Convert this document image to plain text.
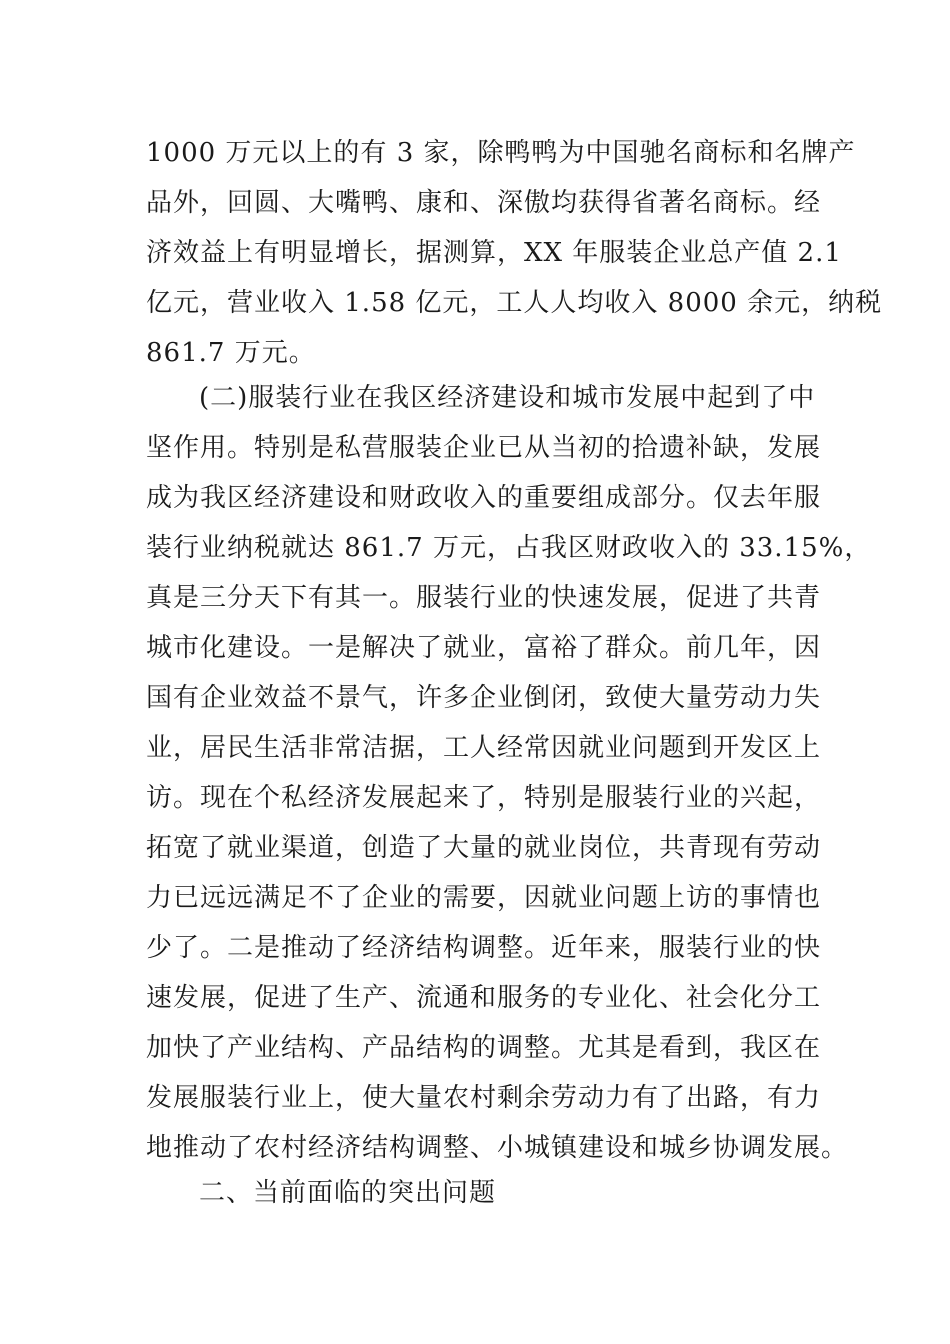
1000 万元以上的有 3 家，除鸭鸭为中国驰名商标和名牌产
品外，回圆、大嘴鸭、康和、深傲均获得省著名商标。经
济效益上有明显增长，据测算，XX 年服装企业总产值 2.1
亿元，营业收入 1.58 亿元，工人人均收入 8000 余元，纳税
861.7 万元。
(二)服装行业在我区经济建设和城市发展中起到了中
坚作用。特别是私营服装企业已从当初的拾遗补缺，发展
成为我区经济建设和财政收入的重要组成部分。仅去年服
装行业纳税就达 861.7 万元，占我区财政收入的 33.15%，
真是三分天下有其一。服装行业的快速发展，促进了共青
城市化建设。一是解决了就业，富裕了群众。前几年，因
国有企业效益不景气，许多企业倒闭，致使大量劳动力失
业，居民生活非常洁据，工人经常因就业问题到开发区上
访。现在个私经济发展起来了，特别是服装行业的兴起，
拓宽了就业渠道，创造了大量的就业岗位，共青现有劳动
力已远远满足不了企业的需要，因就业问题上访的事情也
少了。二是推动了经济结构调整。近年来，服装行业的快
速发展，促进了生产、流通和服务的专业化、社会化分工
加快了产业结构、产品结构的调整。尤其是看到，我区在
发展服装行业上，使大量农村剩余劳动力有了出路，有力
地推动了农村经济结构调整、小城镇建设和城乡协调发展。
二、当前面临的突出问题
